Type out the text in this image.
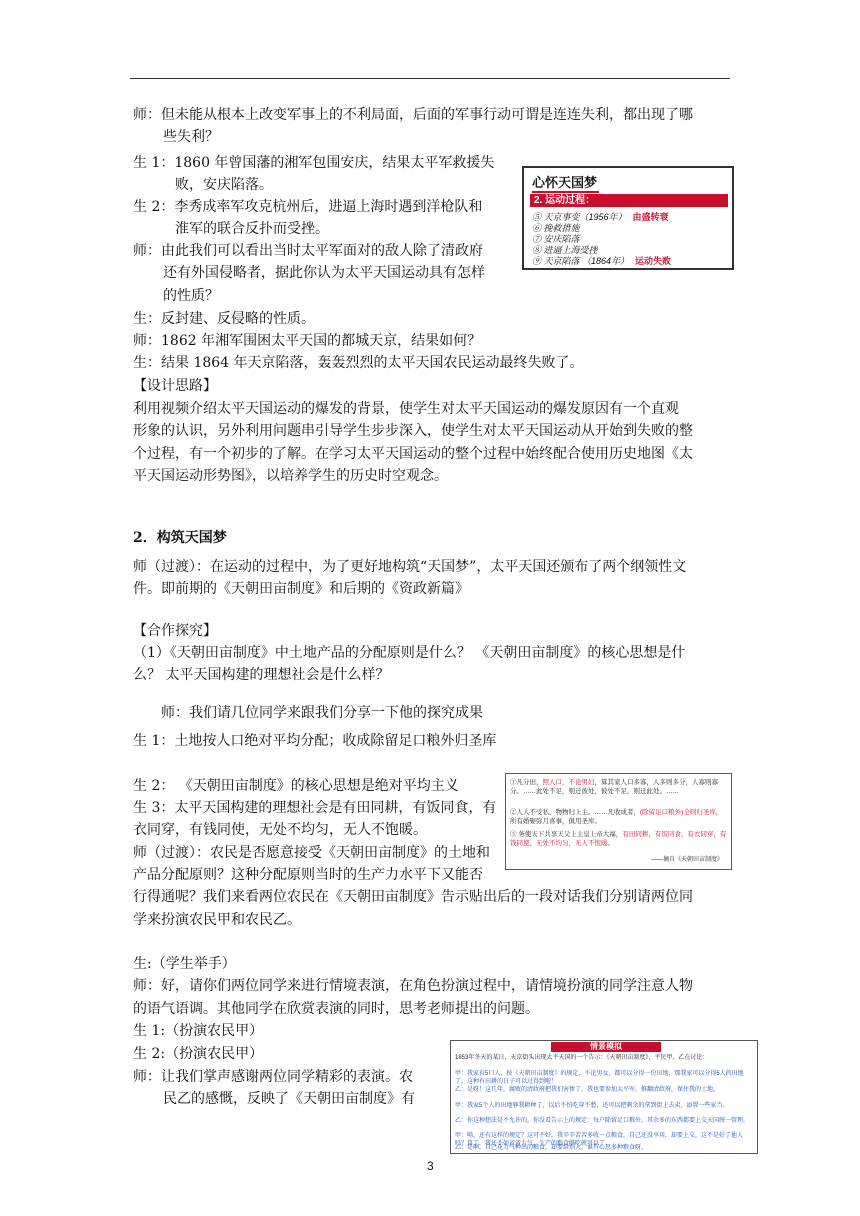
师：但未能从根本上改变军事上的不利局面，后面的军事行动可谓是连连失利，都出现了哪
些失利？
生 1：1860 年曾国藩的湘军包围安庆，结果太平军救援失
败，安庆陷落。
生 2：李秀成率军攻克杭州后，进逼上海时遇到洋枪队和
淮军的联合反扑而受挫。
师：由此我们可以看出当时太平军面对的敌人除了清政府
还有外国侵略者，据此你认为太平天国运动具有怎样
的性质？
生：反封建、反侵略的性质。
师：1862 年湘军围困太平天国的都城天京，结果如何？
生：结果 1864 年天京陷落，轰轰烈烈的太平天国农民运动最终失败了。
【设计思路】
利用视频介绍太平天国运动的爆发的背景，使学生对太平天国运动的爆发原因有一个直观
形象的认识，另外利用问题串引导学生步步深入，使学生对太平天国运动从开始到失败的整
个过程，有一个初步的了解。在学习太平天国运动的整个过程中始终配合使用历史地图《太
平天国运动形势图》，以培养学生的历史时空观念。
2．构筑天国梦
师（过渡）：在运动的过程中，为了更好地构筑“天国梦”，太平天国还颁布了两个纲领性文
件。即前期的《天朝田亩制度》和后期的《资政新篇》
【合作探究】
（1）《天朝田亩制度》中土地产品的分配原则是什么？ 《天朝田亩制度》的核心思想是什
么？ 太平天国构建的理想社会是什么样？
师：我们请几位同学来跟我们分享一下他的探究成果
生 1：土地按人口绝对平均分配；收成除留足口粮外归圣库
生 2： 《天朝田亩制度》的核心思想是绝对平均主义
生 3：太平天国构建的理想社会是有田同耕，有饭同食，有
衣同穿，有钱同使，无处不均匀，无人不饱暖。
师（过渡）：农民是否愿意接受《天朝田亩制度》的土地和
产品分配原则？这种分配原则当时的生产力水平下又能否
行得通呢？我们来看两位农民在《天朝田亩制度》告示贴出后的一段对话我们分别请两位同
学来扮演农民甲和农民乙。
生:（学生举手）
师：好，请你们两位同学来进行情境表演，在角色扮演过程中，请情境扮演的同学注意人物
的语气语调。其他同学在欣赏表演的同时，思考老师提出的问题。
生 1:（扮演农民甲）
生 2:（扮演农民甲）
师：让我们掌声感谢两位同学精彩的表演。农
民乙的感慨，反映了《天朝田亩制度》有
心怀天国梦
2. 运动过程：
⑤ 天京事变（1956年） 由盛转衰
⑥ 挽救措施
⑦ 安庆陷落
⑧ 进逼上海受挫
⑨ 天京陷落 （1864年） 运动失败
①凡分田，照人口，不论男妇，算其家人口多寡，人多则多分，人寡则寡分。……此处不足，则迁彼处，彼处不足，则迁此处。……
②人人不受私，物物归上主。……凡收成者，(除留足口粮外)全则归圣库，所有婚娶弥月喜事，俱用圣库。
③ 务使天下共享天父上主皇上帝大福，有田同耕，有饭同食，有衣同穿，有钱同使，无处不均匀，无人不饱暖。
——摘自《天朝田亩制度》
情景模拟
1853年冬天的某日，天京街头出现太平天国的一个告示：《天朝田亩制度》，平民甲、乙在讨论：
甲：我家有5口人，按《天朝田亩制度》的规定，不论男女，都可以分得一份田地，那我家可以分得5人的田地了，这种有田耕的日子可以过得到啦！
乙：是呀！这几年，腐败的清政府把我们害惨了，我也要参加太平军，推翻清政府，保住我的土地。
甲：我家5个人的田地够我耕种了，以后不怕吃穿不愁，还可以把剩余的拿到街上去卖，添置一些家当。
乙：你这种想法是不允许的，你没看告示上的规定：每户除留足口粮外，其余多的东西都要上交天国统一管理。
甲：呦，还有这样的规定？这可不好，我辛辛苦苦多收一点粮食，自己还没享用，却要上交，这不是好了他人吗？算了，我还不如省省力气，生产的粮食够吃就可以了。
乙：是啊，自己花力气种出的粮食，却要给别人，谁有心思多种粮食呀。
3
